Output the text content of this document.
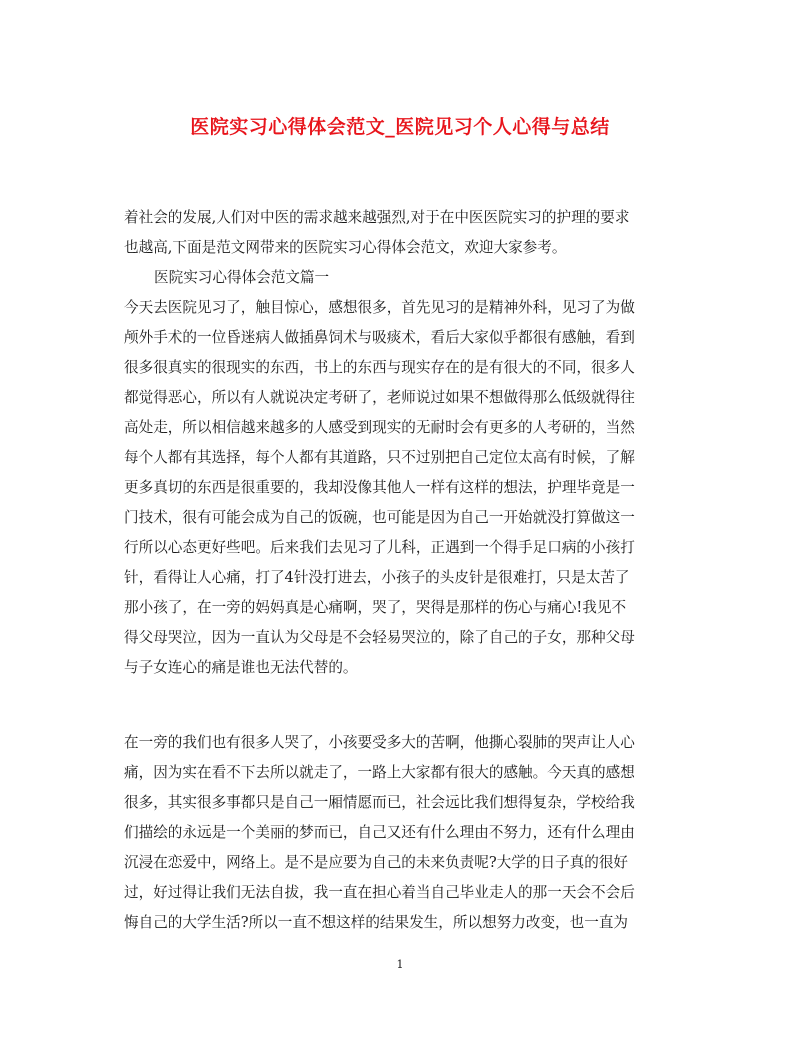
医院实习心得体会范文_医院见习个人心得与总结
着社会的发展,人们对中医的需求越来越强烈,对于在中医医院实习的护理的要求
也越高,下面是范文网带来的医院实习心得体会范文，欢迎大家参考。
医院实习心得体会范文篇一
今天去医院见习了，触目惊心，感想很多，首先见习的是精神外科，见习了为做
颅外手术的一位昏迷病人做插鼻饲术与吸痰术，看后大家似乎都很有感触，看到
很多很真实的很现实的东西，书上的东西与现实存在的是有很大的不同，很多人
都觉得恶心，所以有人就说决定考研了，老师说过如果不想做得那么低级就得往
高处走，所以相信越来越多的人感受到现实的无耐时会有更多的人考研的，当然
每个人都有其选择，每个人都有其道路，只不过别把自己定位太高有时候，了解
更多真切的东西是很重要的，我却没像其他人一样有这样的想法，护理毕竟是一
门技术，很有可能会成为自己的饭碗，也可能是因为自己一开始就没打算做这一
行所以心态更好些吧。后来我们去见习了儿科，正遇到一个得手足口病的小孩打
针，看得让人心痛，打了4针没打进去，小孩子的头皮针是很难打，只是太苦了
那小孩了，在一旁的妈妈真是心痛啊，哭了，哭得是那样的伤心与痛心!我见不
得父母哭泣，因为一直认为父母是不会轻易哭泣的，除了自己的子女，那种父母
与子女连心的痛是谁也无法代替的。
在一旁的我们也有很多人哭了，小孩要受多大的苦啊，他撕心裂肺的哭声让人心
痛，因为实在看不下去所以就走了，一路上大家都有很大的感触。今天真的感想
很多，其实很多事都只是自己一厢情愿而已，社会远比我们想得复杂，学校给我
们描绘的永远是一个美丽的梦而已，自己又还有什么理由不努力，还有什么理由
沉浸在恋爱中，网络上。是不是应要为自己的未来负责呢?大学的日子真的很好
过，好过得让我们无法自拔，我一直在担心着当自己毕业走人的那一天会不会后
悔自己的大学生活?所以一直不想这样的结果发生，所以想努力改变，也一直为
1
